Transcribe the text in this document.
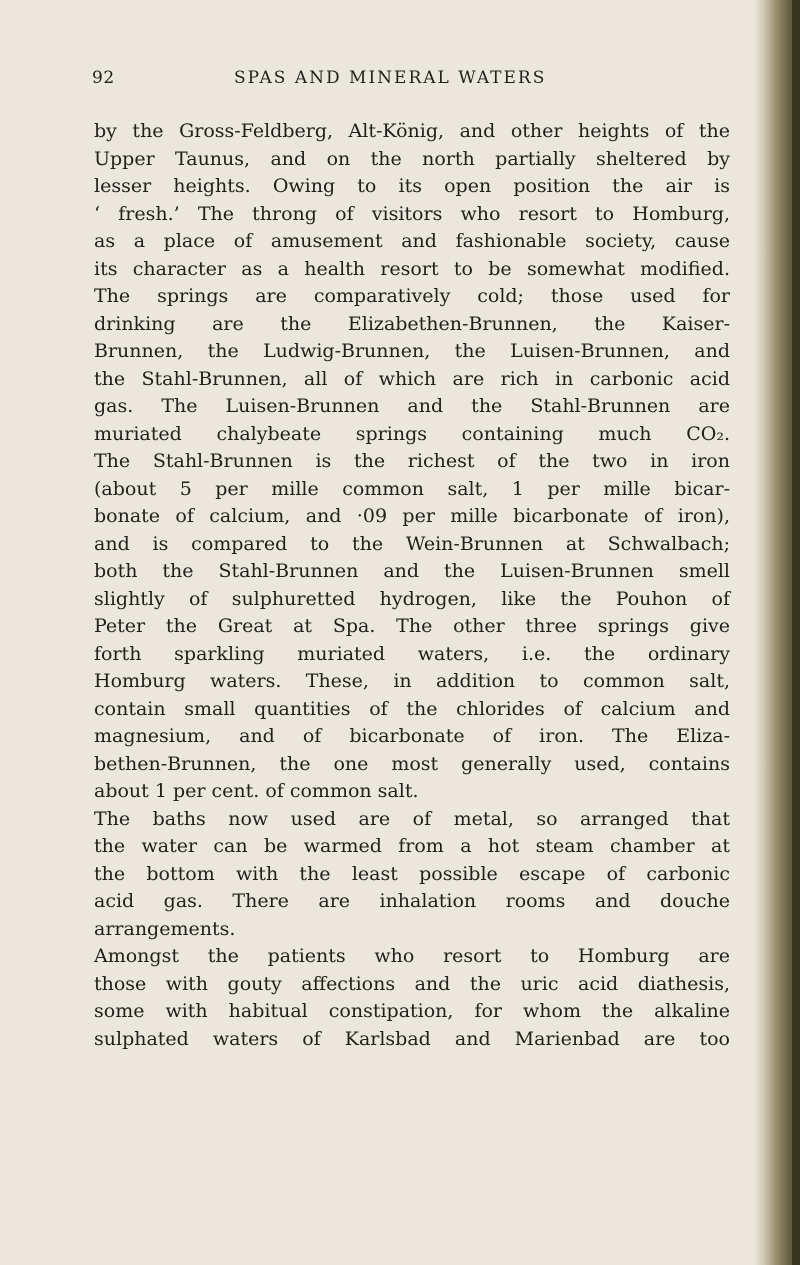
92	SPAS AND MINERAL WATERS
by the Gross-Feldberg, Alt-König, and other heights of the
Upper Taunus, and on the north partially sheltered by
lesser heights. Owing to its open position the air is
‘ fresh.’ The throng of visitors who resort to Homburg,
as a place of amusement and fashionable society, cause
its character as a health resort to be somewhat modified.
The springs are comparatively cold; those used for
drinking are the Elizabethen-Brunnen, the Kaiser-
Brunnen, the Ludwig-Brunnen, the Luisen-Brunnen, and
the Stahl-Brunnen, all of which are rich in carbonic acid
gas. The Luisen-Brunnen and the Stahl-Brunnen are
muriated chalybeate springs containing much CO₂.
The Stahl-Brunnen is the richest of the two in iron
(about 5 per mille common salt, 1 per mille bicar-
bonate of calcium, and ·09 per mille bicarbonate of iron),
and is compared to the Wein-Brunnen at Schwalbach;
both the Stahl-Brunnen and the Luisen-Brunnen smell
slightly of sulphuretted hydrogen, like the Pouhon of
Peter the Great at Spa. The other three springs give
forth sparkling muriated waters, i.e. the ordinary
Homburg waters. These, in addition to common salt,
contain small quantities of the chlorides of calcium and
magnesium, and of bicarbonate of iron. The Eliza-
bethen-Brunnen, the one most generally used, contains
about 1 per cent. of common salt.
The baths now used are of metal, so arranged that
the water can be warmed from a hot steam chamber at
the bottom with the least possible escape of carbonic
acid gas. There are inhalation rooms and douche
arrangements.
Amongst the patients who resort to Homburg are
those with gouty affections and the uric acid diathesis,
some with habitual constipation, for whom the alkaline
sulphated waters of Karlsbad and Marienbad are too
